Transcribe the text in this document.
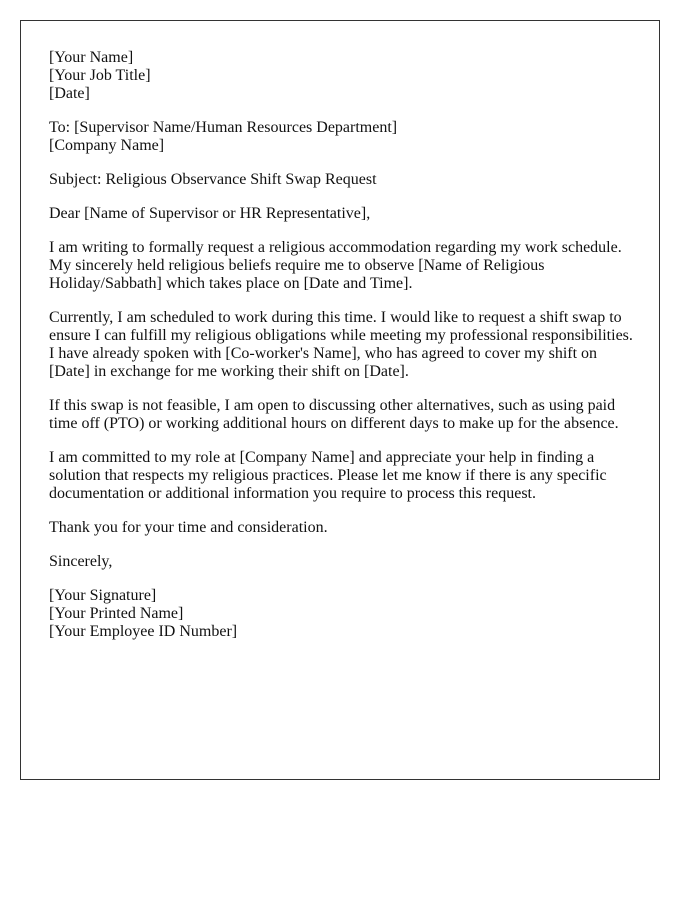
[Your Name]
[Your Job Title]
[Date]
To: [Supervisor Name/Human Resources Department]
[Company Name]
Subject: Religious Observance Shift Swap Request
Dear [Name of Supervisor or HR Representative],

I am writing to formally request a religious accommodation regarding my work schedule.
My sincerely held religious beliefs require me to observe [Name of Religious
Holiday/Sabbath] which takes place on [Date and Time].

Currently, I am scheduled to work during this time. I would like to request a shift swap to
ensure I can fulfill my religious obligations while meeting my professional responsibilities.
I have already spoken with [Co-worker's Name], who has agreed to cover my shift on
[Date] in exchange for me working their shift on [Date].

If this swap is not feasible, I am open to discussing other alternatives, such as using paid
time off (PTO) or working additional hours on different days to make up for the absence.

I am committed to my role at [Company Name] and appreciate your help in finding a
solution that respects my religious practices. Please let me know if there is any specific
documentation or additional information you require to process this request.

Thank you for your time and consideration.

Sincerely,
[Your Signature]
[Your Printed Name]
[Your Employee ID Number]
